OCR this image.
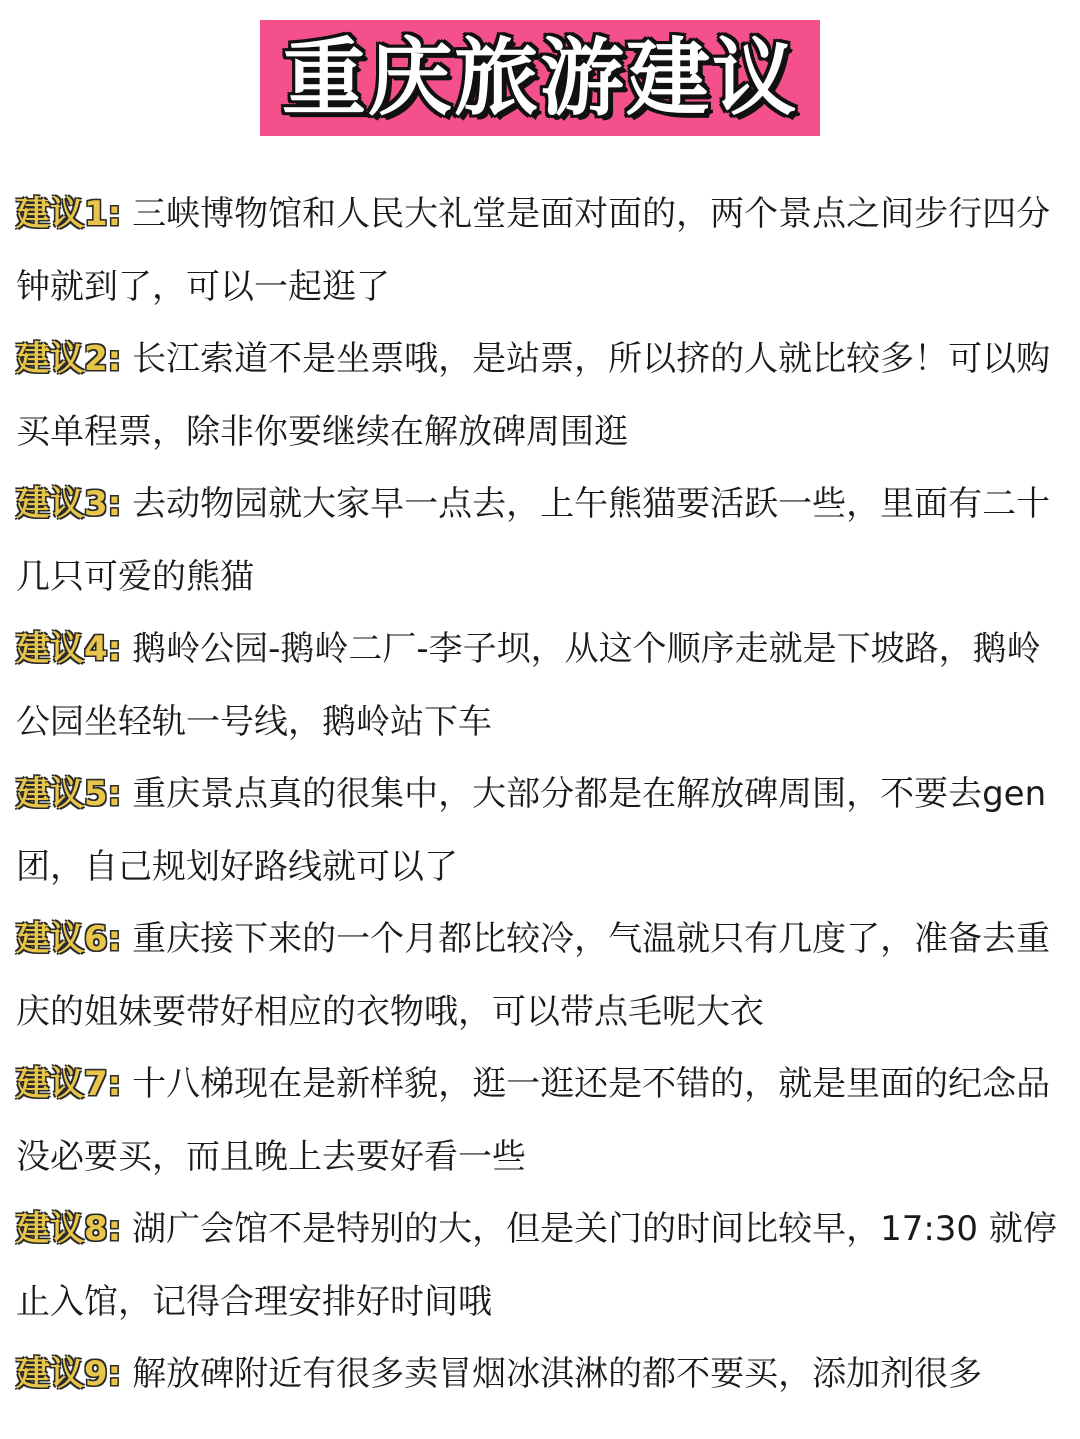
重庆旅游建议

建议1: 三峡博物馆和人民大礼堂是面对面的，两个景点之间步行四分钟就到了，可以一起逛了

建议2: 长江索道不是坐票哦，是站票，所以挤的人就比较多！可以购买单程票，除非你要继续在解放碑周围逛

建议3: 去动物园就大家早一点去，上午熊猫要活跃一些，里面有二十几只可爱的熊猫

建议4: 鹅岭公园-鹅岭二厂-李子坝，从这个顺序走就是下坡路，鹅岭公园坐轻轨一号线，鹅岭站下车

建议5: 重庆景点真的很集中，大部分都是在解放碑周围，不要去gen 团，自己规划好路线就可以了

建议6: 重庆接下来的一个月都比较冷，气温就只有几度了，准备去重庆的姐妹要带好相应的衣物哦，可以带点毛呢大衣

建议7: 十八梯现在是新样貌，逛一逛还是不错的，就是里面的纪念品没必要买，而且晚上去要好看一些

建议8: 湖广会馆不是特别的大，但是关门的时间比较早，17:30 就停止入馆，记得合理安排好时间哦

建议9: 解放碑附近有很多卖冒烟冰淇淋的都不要买，添加剂很多
